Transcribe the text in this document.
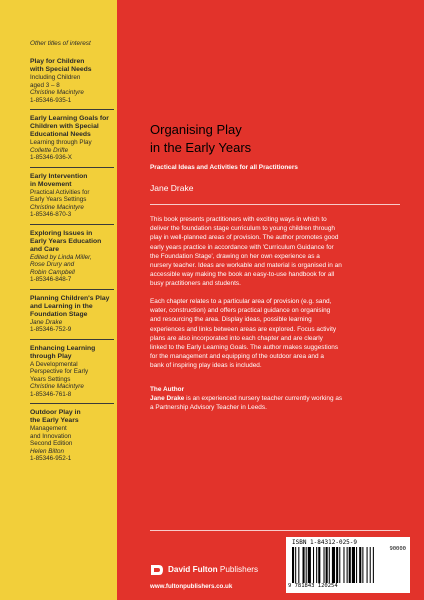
Other titles of interest
Play for Children
with Special Needs
Including Children
aged 3 – 8
Christine Macintyre
1-85346-935-1
Early Learning Goals for
Children with Special
Educational Needs
Learning through Play
Collette Drifte
1-85346-936-X
Early Intervention
in Movement
Practical Activities for
Early Years Settings
Christine Macintyre
1-85346-870-3
Exploring Issues in
Early Years Education
and Care
Edited by Linda Miller,
Rose Drury and
Robin Campbell
1-85346-848-7
Planning Children's Play
and Learning in the
Foundation Stage
Jane Drake
1-85346-752-9
Enhancing Learning
through Play
A Developmental
Perspective for Early
Years Settings
Christine Macintyre
1-85346-761-8
Outdoor Play in
the Early Years
Management
and Innovation
Second Edition
Helen Bilton
1-85346-952-1
Organising Play
in the Early Years
Practical Ideas and Activities for all Practitioners
Jane Drake
This book presents practitioners with exciting ways in which to
deliver the foundation stage curriculum to young children through
play in well-planned areas of provision. The author promotes good
early years practice in accordance with 'Curriculum Guidance for
the Foundation Stage', drawing on her own experience as a
nursery teacher. Ideas are workable and material is organised in an
accessible way making the book an easy-to-use handbook for all
busy practitioners and students.
Each chapter relates to a particular area of provision (e.g. sand,
water, construction) and offers practical guidance on organising
and resourcing the area. Display ideas, possible learning
experiences and links between areas are explored. Focus activity
plans are also incorporated into each chapter and are clearly
linked to the Early Learning Goals. The author makes suggestions
for the management and equipping of the outdoor area and a
bank of inspiring play ideas is included.
The Author
Jane Drake is an experienced nursery teacher currently working as
a Partnership Advisory Teacher in Leeds.
David Fulton Publishers
www.fultonpublishers.co.uk
ISBN 1-84312-025-9
90000
9 781843 120254
